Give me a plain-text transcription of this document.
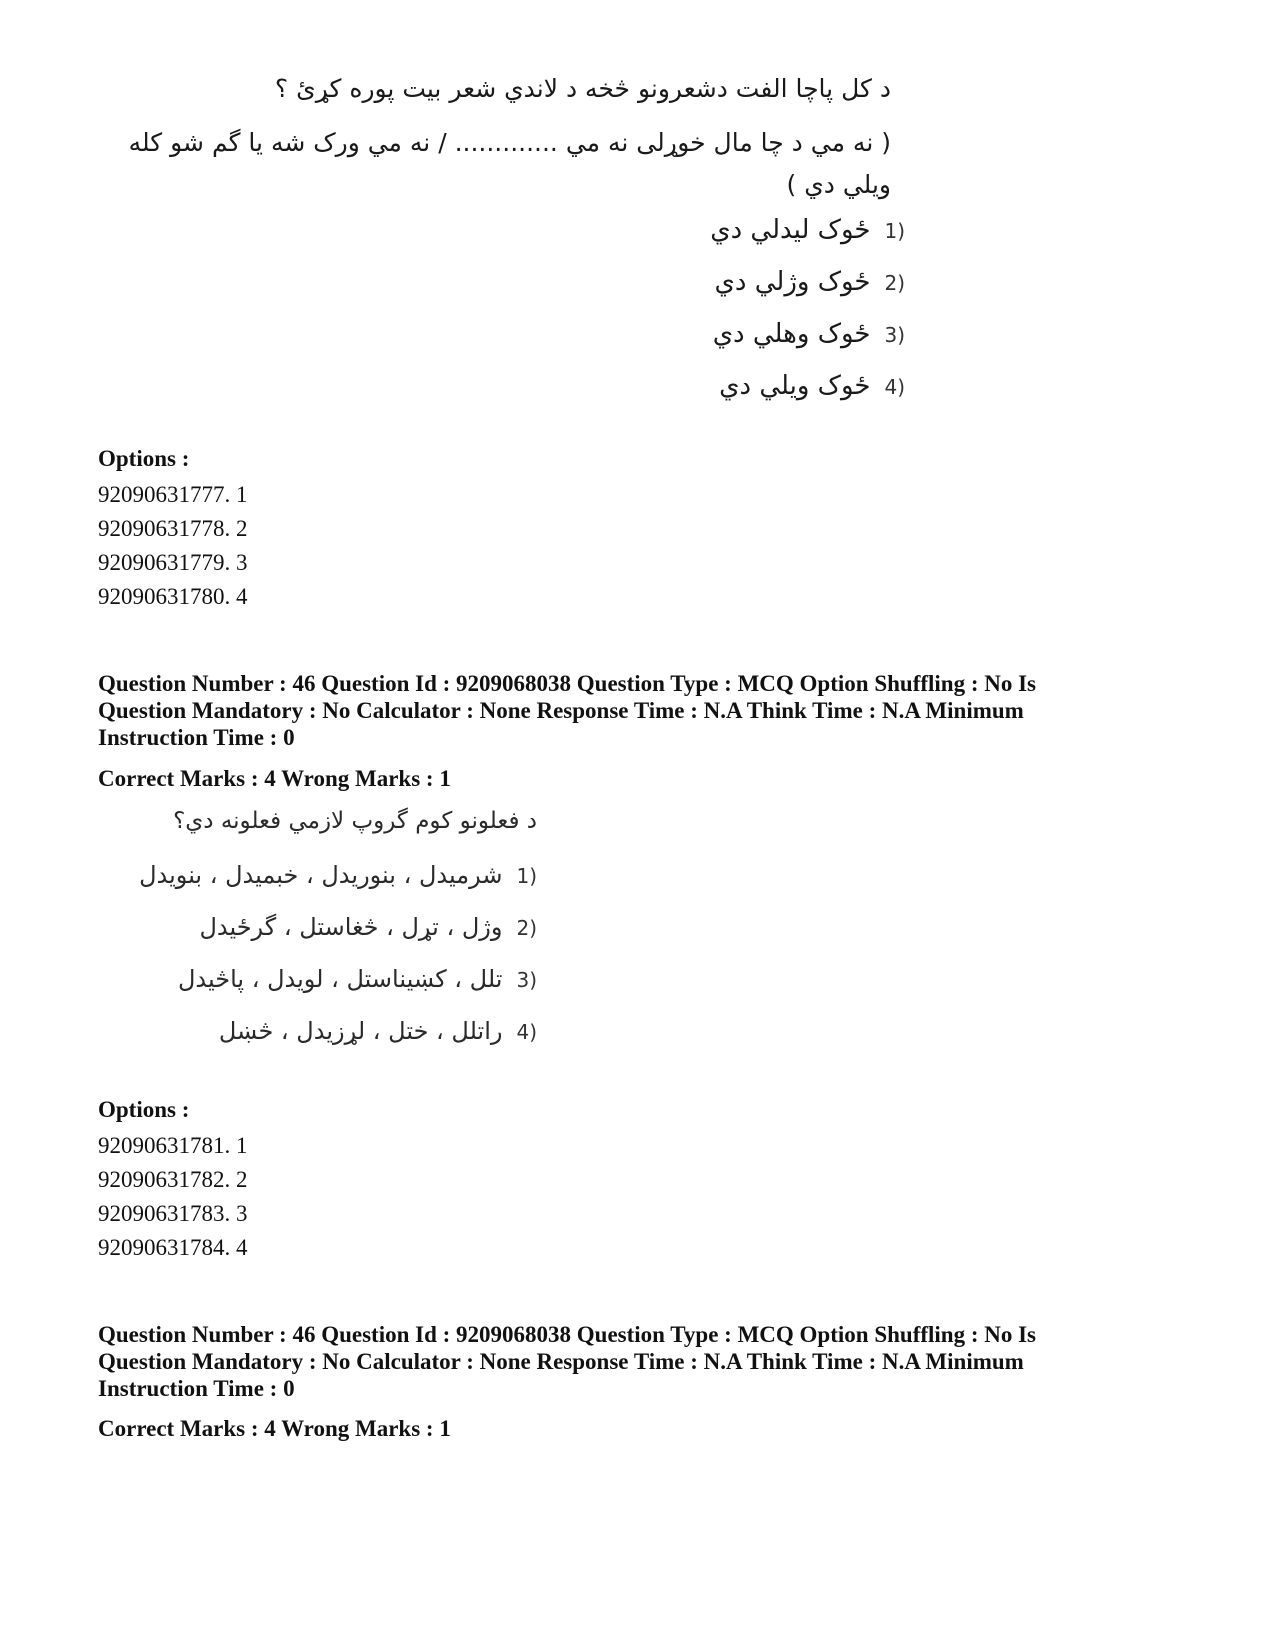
د کل پاچا الفت دشعرونو څخه د لاندي شعر بيت پوره کړئ ؟
( نه مي د چا مال خوړلی نه مي ............. / نه مي ورک شه يا گم شو کله
ويلي دي )
1)ځوک ليدلي دي
2)ځوک وژلي دي
3)ځوک وهلي دي
4)ځوک ويلي دي
Options :
92090631777. 1
92090631778. 2
92090631779. 3
92090631780. 4
Question Number : 46 Question Id : 9209068038 Question Type : MCQ Option Shuffling : No Is
Question Mandatory : No Calculator : None Response Time : N.A Think Time : N.A Minimum
Instruction Time : 0
Correct Marks : 4 Wrong Marks : 1
د فعلونو کوم گروپ لازمي فعلونه دي؟
1)شرميدل ، بنوريدل ، خبميدل ، بنويدل
2)وژل ، تړل ، څغاستل ، گرځيدل
3)تلل ، کښيناستل ، لويدل ، پاڅيدل
4)راتلل ، ختل ، لړزيدل ، څښل
Options :
92090631781. 1
92090631782. 2
92090631783. 3
92090631784. 4
Question Number : 46 Question Id : 9209068038 Question Type : MCQ Option Shuffling : No Is
Question Mandatory : No Calculator : None Response Time : N.A Think Time : N.A Minimum
Instruction Time : 0
Correct Marks : 4 Wrong Marks : 1
